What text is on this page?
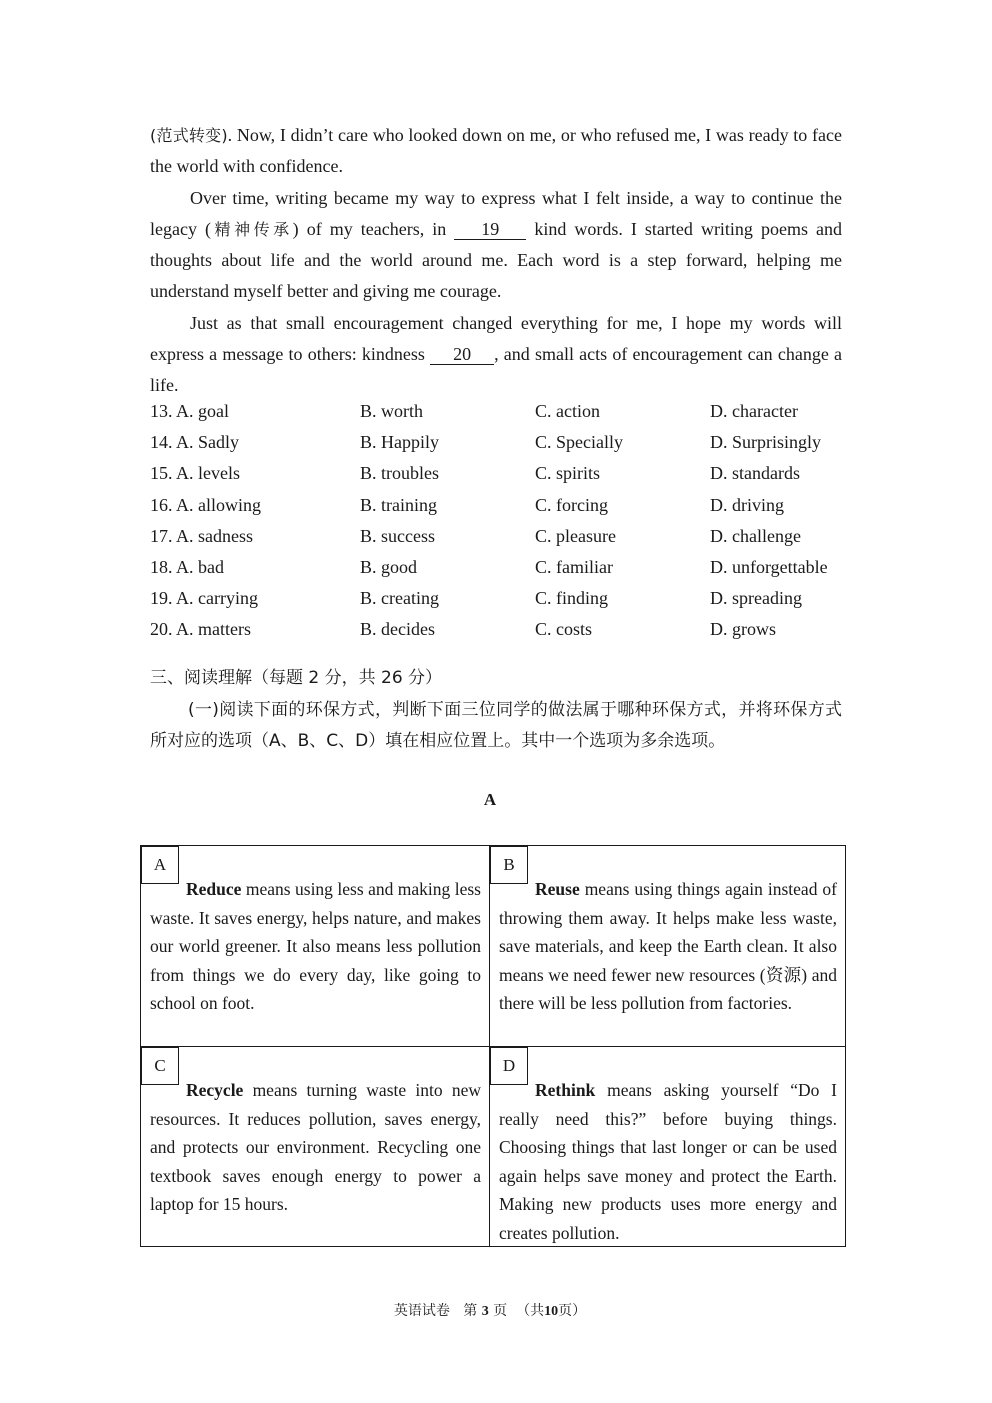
(范式转变). Now, I didn’t care who looked down on me, or who refused me, I was ready to face the world with confidence.

Over time, writing became my way to express what I felt inside, a way to continue the legacy (精神传承) of my teachers, in 19 kind words. I started writing poems and thoughts about life and the world around me. Each word is a step forward, helping me understand myself better and giving me courage.

Just as that small encouragement changed everything for me, I hope my words will express a message to others: kindness 20 , and small acts of encouragement can change a life.

13. A. goal	B. worth	C. action	D. character
14. A. Sadly	B. Happily	C. Specially	D. Surprisingly
15. A. levels	B. troubles	C. spirits	D. standards
16. A. allowing	B. training	C. forcing	D. driving
17. A. sadness	B. success	C. pleasure	D. challenge
18. A. bad	B. good	C. familiar	D. unforgettable
19. A. carrying	B. creating	C. finding	D. spreading
20. A. matters	B. decides	C. costs	D. grows
三、阅读理解（每题 2 分，共 26 分）
(一)阅读下面的环保方式，判断下面三位同学的做法属于哪种环保方式，并将环保方式所对应的选项（A、B、C、D）填在相应位置上。其中一个选项为多余选项。
A
A
Reduce means using less and making less waste. It saves energy, helps nature, and makes our world greener. It also means less pollution from things we do every day, like going to school on foot.
B
Reuse means using things again instead of throwing them away. It helps make less waste, save materials, and keep the Earth clean. It also means we need fewer new resources (资源) and there will be less pollution from factories.
C
Recycle means turning waste into new resources. It reduces pollution, saves energy, and protects our environment. Recycling one textbook saves enough energy to power a laptop for 15 hours.
D
Rethink means asking yourself “Do I really need this?” before buying things. Choosing things that last longer or can be used again helps save money and protect the Earth. Making new products uses more energy and creates pollution.
英语试卷 第 3 页 （共10页）
